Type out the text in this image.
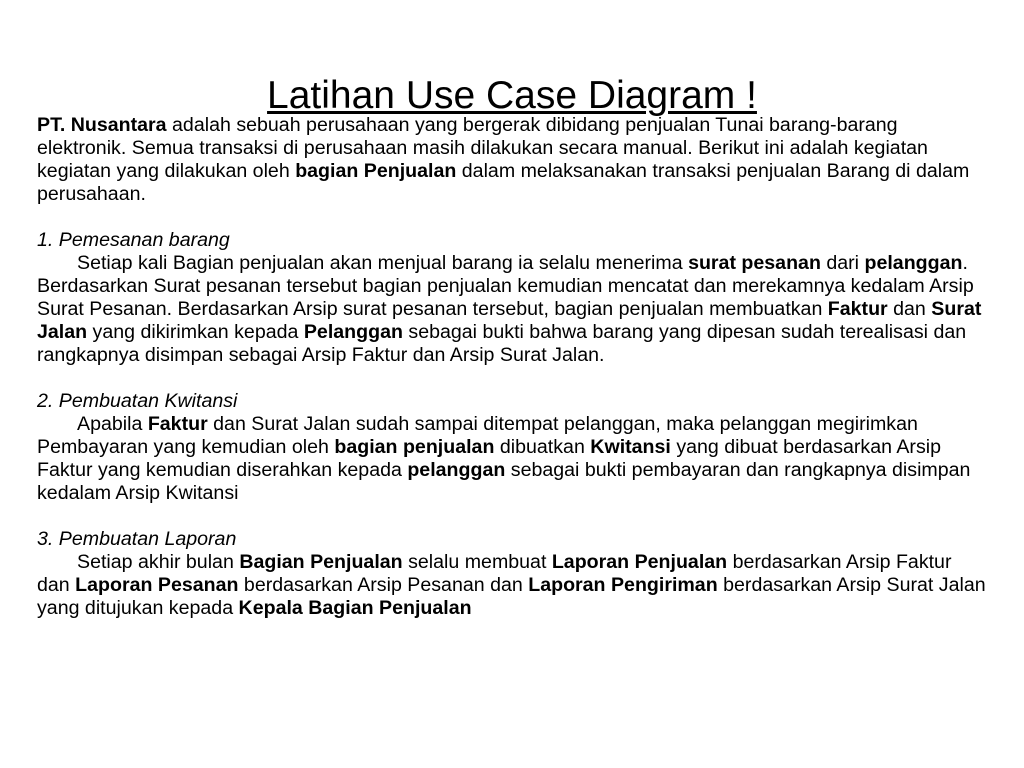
Latihan Use Case Diagram !

PT. Nusantara adalah sebuah perusahaan yang bergerak dibidang penjualan Tunai barang-barang elektronik. Semua transaksi di perusahaan masih dilakukan secara manual. Berikut ini adalah kegiatan kegiatan yang dilakukan oleh bagian Penjualan dalam melaksanakan transaksi penjualan Barang di dalam perusahaan.

1. Pemesanan barang

Setiap kali Bagian penjualan akan menjual barang ia selalu menerima surat pesanan dari pelanggan. Berdasarkan Surat pesanan tersebut bagian penjualan kemudian mencatat dan merekamnya kedalam Arsip Surat Pesanan. Berdasarkan Arsip surat pesanan tersebut, bagian penjualan membuatkan Faktur dan Surat Jalan yang dikirimkan kepada Pelanggan sebagai bukti bahwa barang yang dipesan sudah terealisasi dan rangkapnya disimpan sebagai Arsip Faktur dan Arsip Surat Jalan.

2. Pembuatan Kwitansi

Apabila Faktur dan Surat Jalan sudah sampai ditempat pelanggan, maka pelanggan megirimkan Pembayaran yang kemudian oleh bagian penjualan dibuatkan Kwitansi yang dibuat berdasarkan Arsip Faktur yang kemudian diserahkan kepada pelanggan sebagai bukti pembayaran dan rangkapnya disimpan kedalam Arsip Kwitansi

3. Pembuatan Laporan

Setiap akhir bulan Bagian Penjualan selalu membuat Laporan Penjualan berdasarkan Arsip Faktur dan Laporan Pesanan berdasarkan Arsip Pesanan dan Laporan Pengiriman berdasarkan Arsip Surat Jalan yang ditujukan kepada Kepala Bagian Penjualan
